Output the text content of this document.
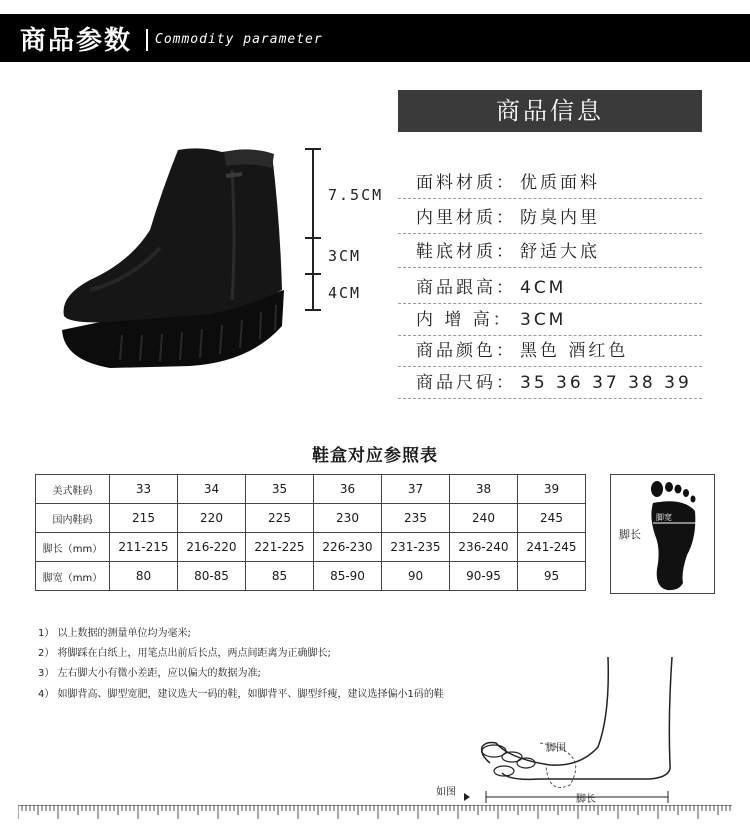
商品参数 Commodity parameter
7.5CM
3CM
4CM
商品信息
面料材质： 优质面料
内里材质： 防臭内里
鞋底材质： 舒适大底
商品跟高： 4CM
内 增 高： 3CM
商品颜色： 黑色 酒红色
商品尺码： 35 36 37 38 39
鞋盒对应参照表
美式鞋码	33	34	35	36	37	38	39
国内鞋码	215	220	225	230	235	240	245
脚长（mm）	211-215	216-220	221-225	226-230	231-235	236-240	241-245
脚宽（mm）	80	80-85	85	85-90	90	90-95	95
脚长
脚宽
1） 以上数据的测量单位均为毫米;
2） 将脚踩在白纸上，用笔点出前后长点，两点间距离为正确脚长;
3） 左右脚大小有微小差距，应以偏大的数据为准;
4） 如脚背高、脚型宽肥，建议选大一码的鞋，如脚背平、脚型纤瘦，建议选择偏小1码的鞋
脚围
脚长
如图
